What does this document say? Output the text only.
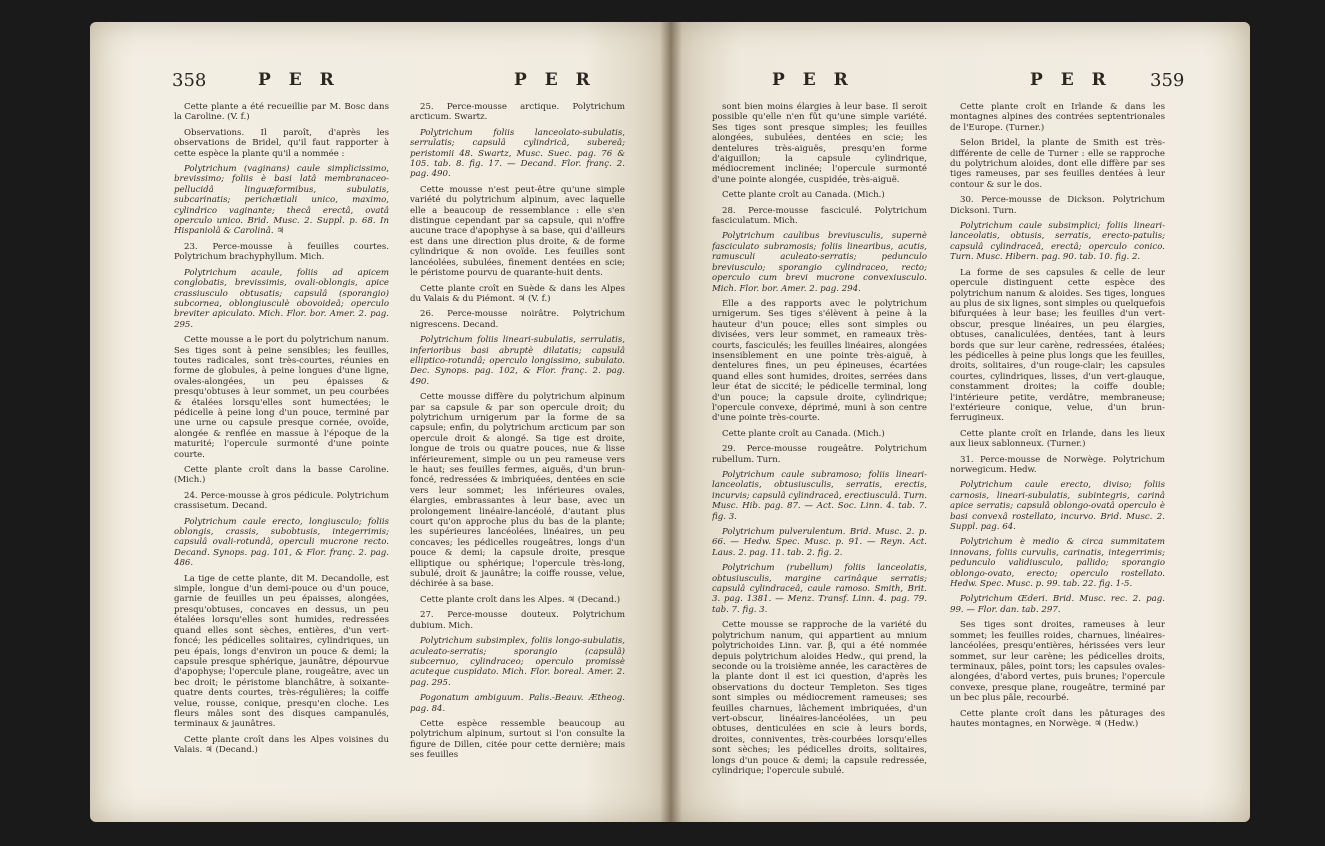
358	P E R	P E R

Cette plante a été recueillie par M. Bosc dans la Caroline. (V. f.)

Observations. Il paroît, d'après les observations de Bridel, qu'il faut rapporter à cette espèce la plante qu'il a nommée :

Polytrichum (vaginans) caule simplicissimo, brevissimo; foliis è basi latâ membranaceo-pellucidâ linguæformibus, subulatis, subcarinatis; perichætiali unico, maximo, cylindrico vaginante; thecâ erectâ, ovatâ operculo unico. Brid. Musc. 2. Suppl. p. 68. In Hispaniolâ & Carolinâ. ♃

23. Perce-mousse à feuilles courtes. Polytrichum brachyphyllum. Mich.

Polytrichum acaule, foliis ad apicem conglobatis, brevissimis, ovali-oblongis, apice crassiusculo obtusatis; capsulâ (sporangio) subcornea, oblongiusculè obovoideâ; operculo breviter apiculato. Mich. Flor. bor. Amer. 2. pag. 295.

Cette mousse a le port du polytrichum nanum. Ses tiges sont à peine sensibles; les feuilles, toutes radicales, sont très-courtes, réunies en forme de globules, à peine longues d'une ligne, ovales-alongées, un peu épaisses & presqu'obtuses à leur sommet, un peu courbées & étalées lorsqu'elles sont humectées; le pédicelle à peine long d'un pouce, terminé par une urne ou capsule presque cornée, ovoïde, alongée & renflée en massue à l'époque de la maturité; l'opercule surmonté d'une pointe courte.

Cette plante croît dans la basse Caroline. (Mich.)

24. Perce-mousse à gros pédicule. Polytrichum crassisetum. Decand.

Polytrichum caule erecto, longiusculo; foliis oblongis, crassis, subobtusis, integerrimis; capsulâ ovali-rotundâ, operculi mucrone recto. Decand. Synops. pag. 101, & Flor. franç. 2. pag. 486.

La tige de cette plante, dit M. Decandolle, est simple, longue d'un demi-pouce ou d'un pouce, garnie de feuilles un peu épaisses, alongées, presqu'obtuses, concaves en dessus, un peu étalées lorsqu'elles sont humides, redressées quand elles sont sèches, entières, d'un vert-foncé; les pédicelles solitaires, cylindriques, un peu épais, longs d'environ un pouce & demi; la capsule presque sphérique, jaunâtre, dépourvue d'apophyse; l'opercule plane, rougeâtre, avec un bec droit; le péristome blanchâtre, à soixante-quatre dents courtes, très-régulières; la coiffe velue, rousse, conique, presqu'en cloche. Les fleurs mâles sont des disques campanulés, terminaux & jaunâtres.

Cette plante croît dans les Alpes voisines du Valais. ♃ (Decand.)

25. Perce-mousse arctique. Polytrichum arcticum. Swartz.

Polytrichum foliis lanceolato-subulatis, serrulatis; capsulâ cylindricâ, subereâ; peristomii 48. Swartz, Musc. Suec. pag. 76 & 105. tab. 8. fig. 17. — Decand. Flor. franç. 2. pag. 490.

Cette mousse n'est peut-être qu'une simple variété du polytrichum alpinum, avec laquelle elle a beaucoup de ressemblance : elle s'en distingue cependant par sa capsule, qui n'offre aucune trace d'apophyse à sa base, qui d'ailleurs est dans une direction plus droite, & de forme cylindrique & non ovoïde. Les feuilles sont lancéolées, subulées, finement dentées en scie; le péristome pourvu de quarante-huit dents.

Cette plante croît en Suède & dans les Alpes du Valais & du Piémont. ♃ (V. f.)

26. Perce-mousse noirâtre. Polytrichum nigrescens. Decand.

Polytrichum foliis lineari-subulatis, serrulatis, inferioribus basi abruptè dilatatis; capsulâ elliptico-rotundâ; operculo longissimo, subulato. Dec. Synops. pag. 102, & Flor. franç. 2. pag. 490.

Cette mousse diffère du polytrichum alpinum par sa capsule & par son opercule droit; du polytrichum urnigerum par la forme de sa capsule; enfin, du polytrichum arcticum par son opercule droit & alongé. Sa tige est droite, longue de trois ou quatre pouces, nue & lisse inférieurement, simple ou un peu rameuse vers le haut; ses feuilles fermes, aiguës, d'un brun-foncé, redressées & imbriquées, dentées en scie vers leur sommet; les inférieures ovales, élargies, embrassantes à leur base, avec un prolongement linéaire-lancéolé, d'autant plus court qu'on approche plus du bas de la plante; les supérieures lancéolées, linéaires, un peu concaves; les pédicelles rougeâtres, longs d'un pouce & demi; la capsule droite, presque elliptique ou sphérique; l'opercule très-long, subulé, droit & jaunâtre; la coiffe rousse, velue, déchirée à sa base.

Cette plante croît dans les Alpes. ♃ (Decand.)

27. Perce-mousse douteux. Polytrichum dubium. Mich.

Polytrichum subsimplex, foliis longo-subulatis, aculeato-serratis; sporangio (capsulâ) subcernuo, cylindraceo; operculo promissè acuteque cuspidato. Mich. Flor. boreal. Amer. 2. pag. 295.

Pogonatum ambiguum. Palis.-Beauv. Ætheog. pag. 84.

Cette espèce ressemble beaucoup au polytrichum alpinum, surtout si l'on consulte la figure de Dillen, citée pour cette dernière; mais ses feuilles

P E R	P E R 359

sont bien moins élargies à leur base. Il seroit possible qu'elle n'en fût qu'une simple variété. Ses tiges sont presque simples; les feuilles alongées, subulées, dentées en scie; les dentelures très-aiguës, presqu'en forme d'aiguillon; la capsule cylindrique, médiocrement inclinée; l'opercule surmonté d'une pointe alongée, cuspidée, très-aiguë.

Cette plante croît au Canada. (Mich.)

28. Perce-mousse fasciculé. Polytrichum fasciculatum. Mich.

Polytrichum caulibus breviusculis, supernè fasciculato subramosis; foliis linearibus, acutis, ramusculi aculeato-serratis; pedunculo breviusculo; sporangio cylindraceo, recto; operculo cum brevi mucrone convexiusculo. Mich. Flor. bor. Amer. 2. pag. 294.

Elle a des rapports avec le polytrichum urnigerum. Ses tiges s'élèvent à peine à la hauteur d'un pouce; elles sont simples ou divisées, vers leur sommet, en rameaux très-courts, fasciculés; les feuilles linéaires, alongées insensiblement en une pointe très-aiguë, à dentelures fines, un peu épineuses, écartées quand elles sont humides, droites, serrées dans leur état de siccité; le pédicelle terminal, long d'un pouce; la capsule droite, cylindrique; l'opercule convexe, déprimé, muni à son centre d'une pointe très-courte.

Cette plante croît au Canada. (Mich.)

29. Perce-mousse rougeâtre. Polytrichum rubellum. Turn.

Polytrichum caule subramoso; foliis lineari-lanceolatis, obtusiusculis, serratis, erectis, incurvis; capsulâ cylindraceâ, erectiusculâ. Turn. Musc. Hib. pag. 87. — Act. Soc. Linn. 4. tab. 7. fig. 3.

Polytrichum pulverulentum. Brid. Musc. 2. p. 66. — Hedw. Spec. Musc. p. 91. — Reyn. Act. Laus. 2. pag. 11. tab. 2. fig. 2.

Polytrichum (rubellum) foliis lanceolatis, obtusiusculis, margine carinâque serratis; capsulâ cylindraceâ, caule ramoso. Smith, Brit. 3. pag. 1381. — Menz. Transf. Linn. 4. pag. 79. tab. 7. fig. 3.

Cette mousse se rapproche de la variété du polytrichum nanum, qui appartient au mnium polytrichoides Linn. var. β, qui a été nommée depuis polytrichum aloides Hedw., qui prend, la seconde ou la troisième année, les caractères de la plante dont il est ici question, d'après les observations du docteur Templeton. Ses tiges sont simples ou médiocrement rameuses; ses feuilles charnues, lâchement imbriquées, d'un vert-obscur, linéaires-lancéolées, un peu obtuses, denticulées en scie à leurs bords, droites, conniventes, très-courbées lorsqu'elles sont sèches; les pédicelles droits, solitaires, longs d'un pouce & demi; la capsule redressée, cylindrique; l'opercule subulé.

Cette plante croît en Irlande & dans les montagnes alpines des contrées septentrionales de l'Europe. (Turner.)

Selon Bridel, la plante de Smith est très-différente de celle de Turner : elle se rapproche du polytrichum aloides, dont elle diffère par ses tiges rameuses, par ses feuilles dentées à leur contour & sur le dos.

30. Perce-mousse de Dickson. Polytrichum Dicksoni. Turn.

Polytrichum caule subsimplici; foliis lineari-lanceolatis, obtusis, serratis, erecto-patulis; capsulâ cylindraceâ, erectâ; operculo conico. Turn. Musc. Hibern. pag. 90. tab. 10. fig. 2.

La forme de ses capsules & celle de leur opercule distinguent cette espèce des polytrichum nanum & aloides. Ses tiges, longues au plus de six lignes, sont simples ou quelquefois bifurquées à leur base; les feuilles d'un vert-obscur, presque linéaires, un peu élargies, obtuses, canaliculées, dentées, tant à leurs bords que sur leur carène, redressées, étalées; les pédicelles à peine plus longs que les feuilles, droits, solitaires, d'un rouge-clair; les capsules courtes, cylindriques, lisses, d'un vert-glauque, constamment droites; la coiffe double; l'intérieure petite, verdâtre, membraneuse; l'extérieure conique, velue, d'un brun-ferrugineux.

Cette plante croît en Irlande, dans les lieux aux lieux sablonneux. (Turner.)

31. Perce-mousse de Norwège. Polytrichum norwegicum. Hedw.

Polytrichum caule erecto, diviso; foliis carnosis, lineari-subulatis, subintegris, carinâ apice serratis; capsulâ oblongo-ovatâ operculo è basi convexâ rostellato, incurvo. Brid. Musc. 2. Suppl. pag. 64.

Polytrichum è medio & circa summitatem innovans, foliis curvulis, carinatis, integerrimis; pedunculo validiusculo, pallido; sporangio oblongo-ovato, erecto; operculo rostellato. Hedw. Spec. Musc. p. 99. tab. 22. fig. 1-5.

Polytrichum Œderi. Brid. Musc. rec. 2. pag. 99. — Flor. dan. tab. 297.

Ses tiges sont droites, rameuses à leur sommet; les feuilles roides, charnues, linéaires-lancéolées, presqu'entières, hérissées vers leur sommet, sur leur carène; les pédicelles droits, terminaux, pâles, point tors; les capsules ovales-alongées, d'abord vertes, puis brunes; l'opercule convexe, presque plane, rougeâtre, terminé par un bec plus pâle, recourbé.

Cette plante croît dans les pâturages des hautes montagnes, en Norwège. ♃ (Hedw.)
